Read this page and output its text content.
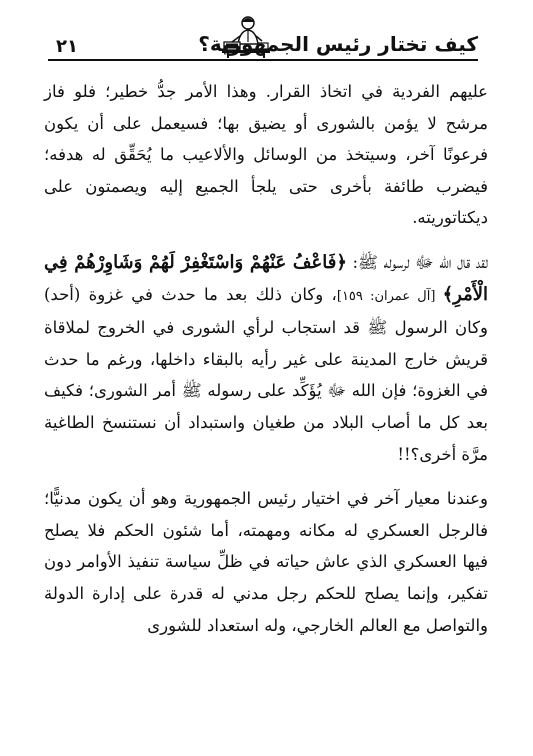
٢١	كيف تختار رئيس الجمهورية؟

عليهم الفردية في اتخاذ القرار. وهذا الأمر جدُّ خطير؛ فلو فاز مرشح لا يؤمن بالشورى أو يضيق بها؛ فسيعمل على أن يكون فرعونًا آخر، وسيتخذ من الوسائل والألاعيب ما يُحَقِّق له هدفه؛ فيضرب طائفة بأخرى حتى يلجأ الجميع إليه ويصمتون على ديكتاتوريته.

لقد قال الله ﷻ لرسوله ﷺ: ﴿فَاعْفُ عَنْهُمْ وَاسْتَغْفِرْ لَهُمْ وَشَاوِرْهُمْ فِي الْأَمْرِ﴾ [آل عمران: ١٥٩]، وكان ذلك بعد ما حدث في غزوة (أحد) وكان الرسول ﷺ قد استجاب لرأي الشورى في الخروج لملاقاة قريش خارج المدينة على غير رأيه بالبقاء داخلها، ورغم ما حدث في الغزوة؛ فإن الله ﷻ يُؤَكِّد على رسوله ﷺ أمر الشورى؛ فكيف بعد كل ما أصاب البلاد من طغيان واستبداد أن نستنسخ الطاغية مرَّة أخرى؟!!

وعندنا معيار آخر في اختيار رئيس الجمهورية وهو أن يكون مدنيًّا؛ فالرجل العسكري له مكانه ومهمته، أما شئون الحكم فلا يصلح فيها العسكري الذي عاش حياته في ظلِّ سياسة تنفيذ الأوامر دون تفكير، وإنما يصلح للحكم رجل مدني له قدرة على إدارة الدولة والتواصل مع العالم الخارجي، وله استعداد للشورى
